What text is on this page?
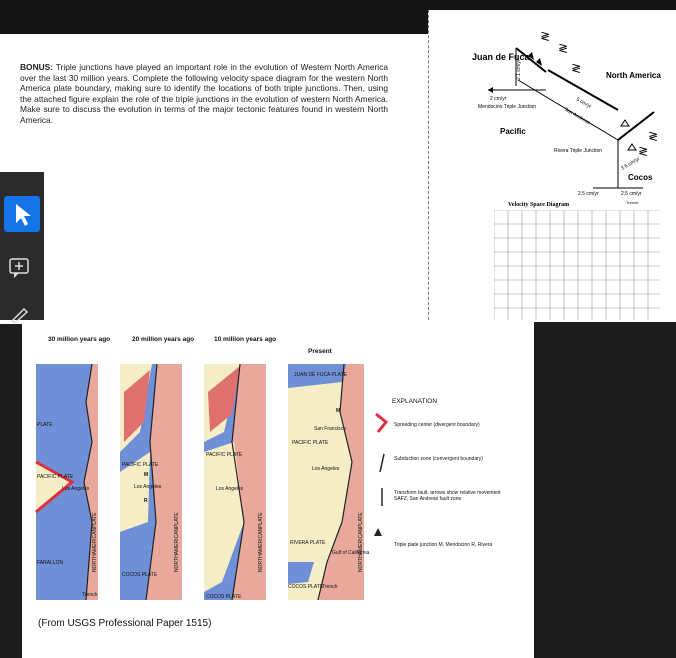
BONUS: Triple junctions have played an important role in the evolution of Western North America over the last 30 million years. Complete the following velocity space diagram for the western North America plate boundary, making sure to identify the locations of both triple junctions. Then, using the attached figure explain the role of the triple junctions in the evolution of western North America. Make sure to discuss the evolution in terms of the major tectonic features found in western North America.
≷
≷
≷
≷
≷
Juan de Fuca
North America
Pacific
Cocos
2 cm/yr
2.1 cm/yr
5 cm/yr
3.6 cm/yr
2.5 cm/yr	2.5 cm/yr
Mendocino Triple Junction	San Andreas
Rivera Triple Junction
Trench
Velocity Space Diagram
30 million years ago	20 million years ago	10 million years ago
Present
PLATE
FARALLON
PACIFIC PLATE
PACIFIC PLATE
PACIFIC PLATE
PACIFIC PLATE
COCOS PLATE
COCOS PLATE
COCOS PLATE
JUAN DE FUCA PLATE
RIVERA PLATE
Los Angeles	Los Angeles	Los Angeles
Los Angeles
San Francisco
Trench
Trench
Gulf of California
M
M
R
NORTHAMERICANPLATE	NORTHAMERICANPLATE	NORTHAMERICANPLATE	NORTHAMERICANPLATE
EXPLANATION
Spreading center (divergent boundary)
Subduction zone (convergent boundary)
Transform fault, arrows show relative movement SAFZ, San Andreas fault zone
Triple plate junction M, Mendocino R, Rivera
(From USGS Professional Paper 1515)
